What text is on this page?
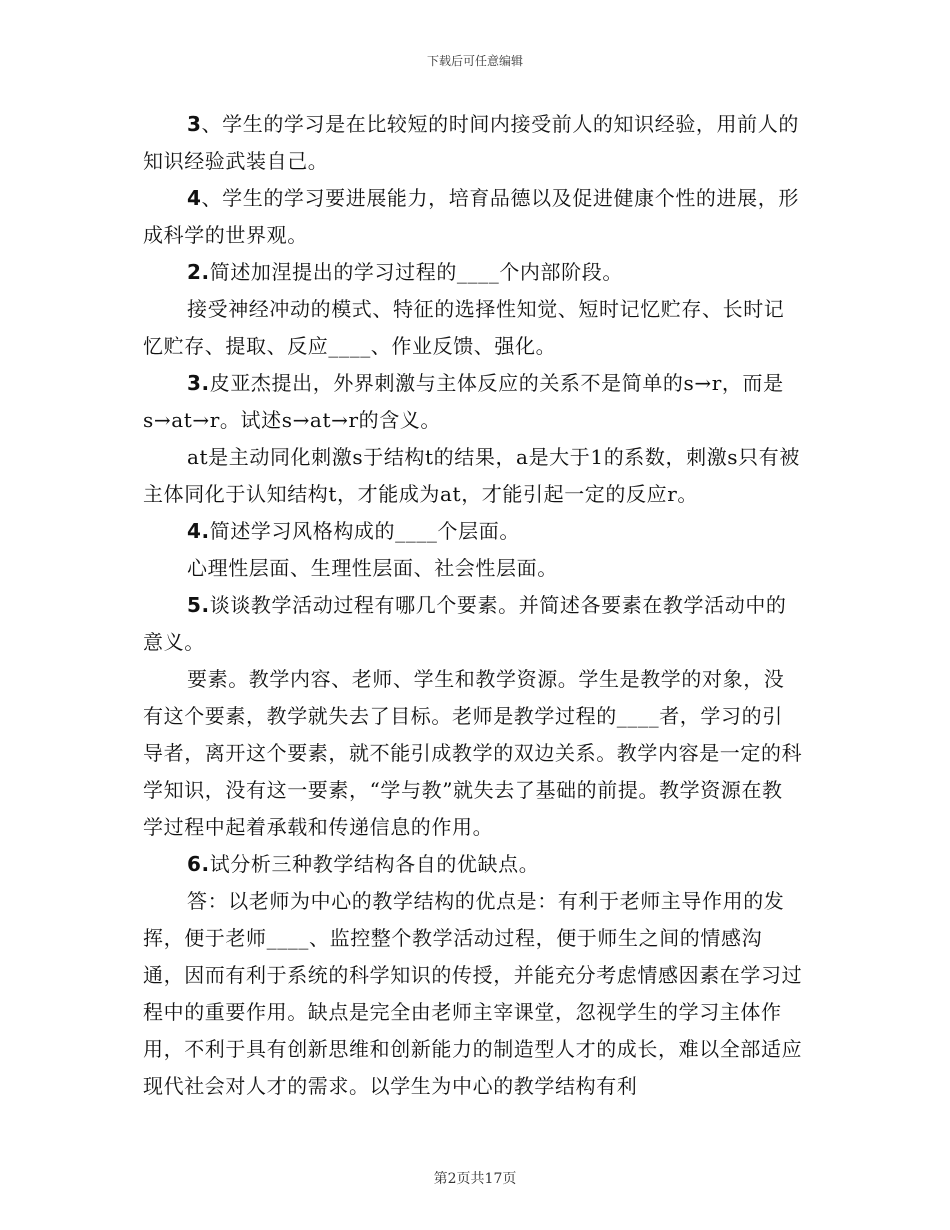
下载后可任意编辑

3、学生的学习是在比较短的时间内接受前人的知识经验，用前人的知识经验武装自己。

4、学生的学习要进展能力，培育品德以及促进健康个性的进展，形成科学的世界观。

2.简述加涅提出的学习过程的____个内部阶段。

接受神经冲动的模式、特征的选择性知觉、短时记忆贮存、长时记忆贮存、提取、反应____、作业反馈、强化。

3.皮亚杰提出，外界刺激与主体反应的关系不是简单的s→r，而是s→at→r。试述s→at→r的含义。

at是主动同化刺激s于结构t的结果，a是大于1的系数，刺激s只有被主体同化于认知结构t，才能成为at，才能引起一定的反应r。

4.简述学习风格构成的____个层面。

心理性层面、生理性层面、社会性层面。

5.谈谈教学活动过程有哪几个要素。并简述各要素在教学活动中的意义。

要素。教学内容、老师、学生和教学资源。学生是教学的对象，没有这个要素，教学就失去了目标。老师是教学过程的____者，学习的引导者，离开这个要素，就不能引成教学的双边关系。教学内容是一定的科学知识，没有这一要素，“学与教”就失去了基础的前提。教学资源在教学过程中起着承载和传递信息的作用。

6.试分析三种教学结构各自的优缺点。

答：以老师为中心的教学结构的优点是：有利于老师主导作用的发挥，便于老师____、监控整个教学活动过程，便于师生之间的情感沟通，因而有利于系统的科学知识的传授，并能充分考虑情感因素在学习过程中的重要作用。缺点是完全由老师主宰课堂，忽视学生的学习主体作用，不利于具有创新思维和创新能力的制造型人才的成长，难以全部适应现代社会对人才的需求。以学生为中心的教学结构有利

第2页共17页
